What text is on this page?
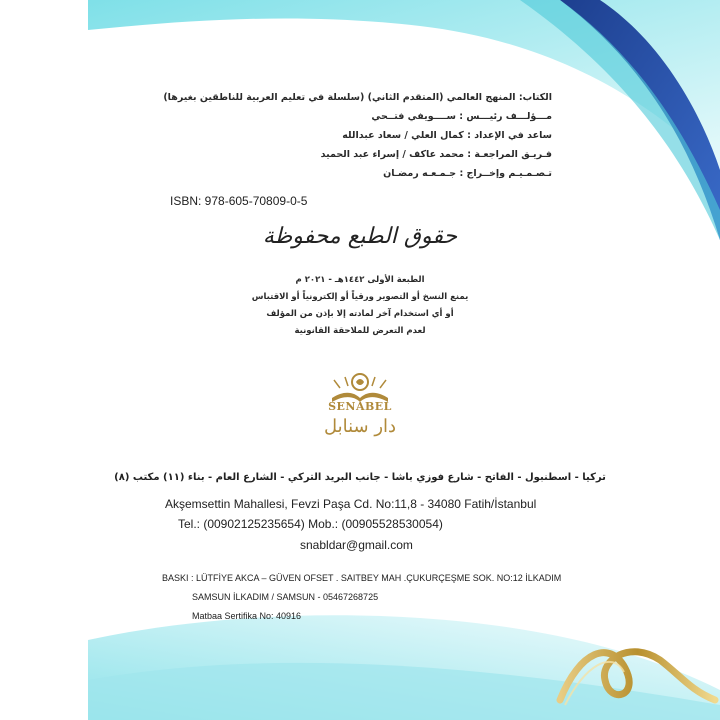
الكتاب: المنهج العالمي (المتقدم الثاني) (سلسلة في تعليم العربية للناطقين بغيرها)
مـــؤلـــف رئيـــس : ســــويفي فتــحي
ساعد في الإعداد : كمال العلي / سعاد عبدالله
فـريـق المراجعـة : محمد عاكف / إسراء عبد الحميد
تـصـمـيـم وإخــراج : جـمـعـه رمضـان
ISBN: 978-605-70809-0-5
حقوق الطبع محفوظة
الطبعة الأولى ١٤٤٢هـ - ٢٠٢١ م
يمنع النسخ أو التصوير ورقياً أو إلكترونياً أو الاقتباس
أو أي استخدام آخر لمادته إلا بإذن من المؤلف
لعدم التعرض للملاحقة القانونية
SENABEL
دار سنابل
تركيا - اسطنبول - الفاتح - شارع فوزي باشا - جانب البريد التركي - الشارع العام - بناء (١١) مكتب (٨)
Akşemsettin Mahallesi, Fevzi Paşa Cd. No:11,8 - 34080 Fatih/İstanbul
Tel.: (00902125235654) Mob.: (00905528530054)
snabldar@gmail.com
BASKI : LÜTFİYE AKCA – GÜVEN OFSET . SAITBEY MAH .ÇUKURÇEŞME SOK. NO:12 İLKADIM
SAMSUN İLKADIM / SAMSUN - 05467268725
Matbaa Sertifika No: 40916
